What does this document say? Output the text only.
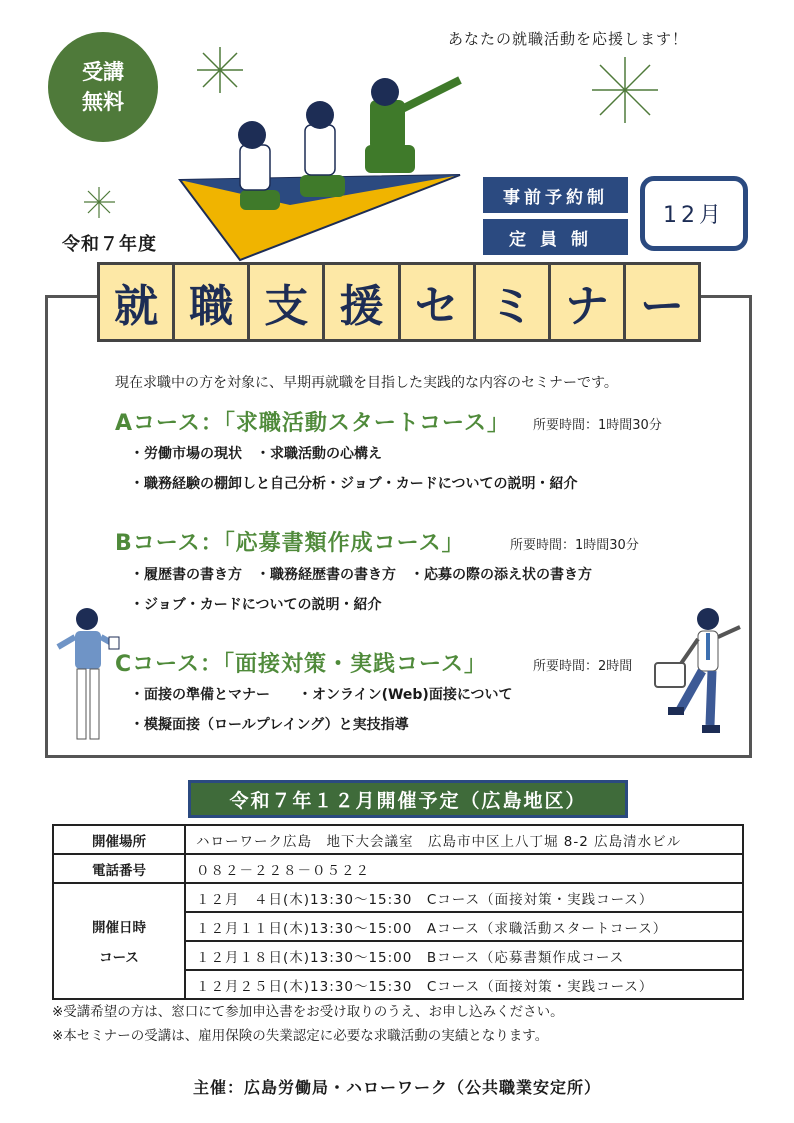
受講
無料
あなたの就職活動を応援します！
令和７年度
事前予約制
定員制
12月
就 職 支 援 セ ミ ナ ー
現在求職中の方を対象に、早期再就職を目指した実践的な内容のセミナーです。
Aコース：「求職活動スタートコース」 所要時間：1時間30分
・労働市場の現状　・求職活動の心構え
・職務経験の棚卸しと自己分析・ジョブ・カードについての説明・紹介
Bコース：「応募書類作成コース」	所要時間：1時間30分
・履歴書の書き方　・職務経歴書の書き方　・応募の際の添え状の書き方
・ジョブ・カードについての説明・紹介
Cコース：「面接対策・実践コース」	所要時間：2時間
・面接の準備とマナー　　・オンライン(Web)面接について
・模擬面接（ロールプレイング）と実技指導
令和７年１２月開催予定（広島地区）
開催場所	ハローワーク広島　地下大会議室　広島市中区上八丁堀 8-2 広島清水ビル
電話番号	０８２－２２８－０５２２

開催日時
コース	１２月　４日(木)13:30～15:30　Cコース（面接対策・実践コース）
	１２月１１日(木)13:30～15:00　Aコース（求職活動スタートコース）
	１２月１８日(木)13:30～15:00　Bコース（応募書類作成コース
	１２月２５日(木)13:30～15:30　Cコース（面接対策・実践コース）
※受講希望の方は、窓口にて参加申込書をお受け取りのうえ、お申し込みください。
※本セミナーの受講は、雇用保険の失業認定に必要な求職活動の実績となります。
主催：広島労働局・ハローワーク（公共職業安定所）
